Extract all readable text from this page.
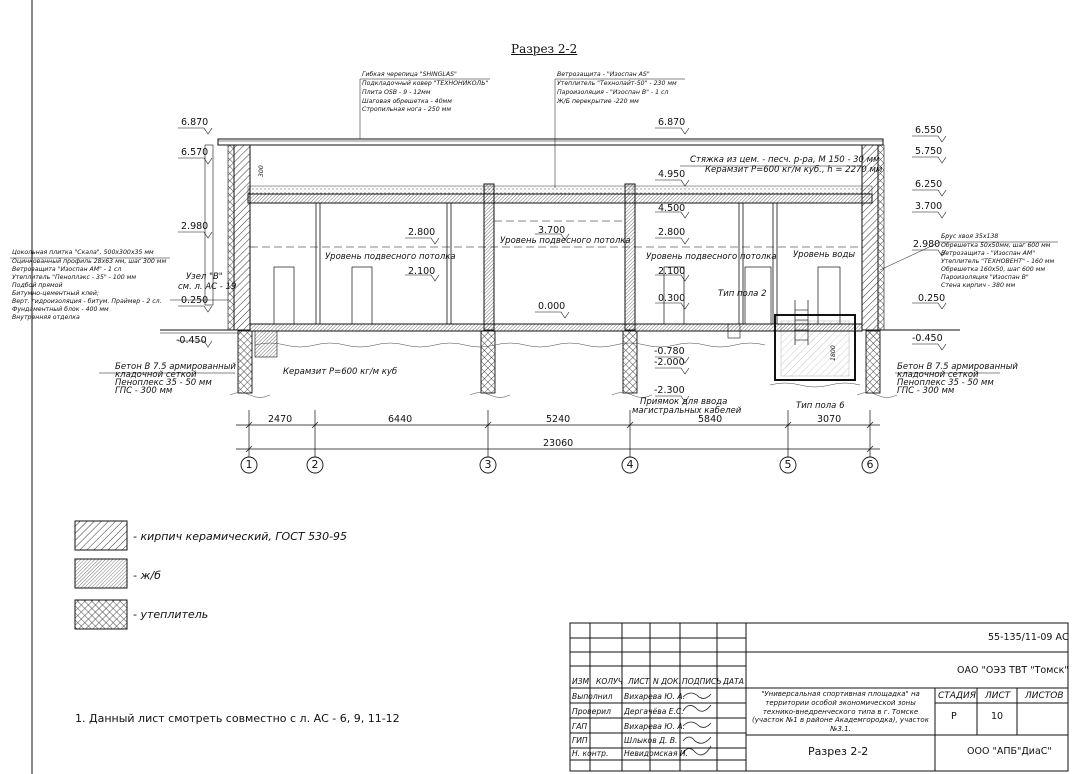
Разрез 2-2
Гибкая черепица "SHINGLAS"
Подкладочный ковер "ТЕХНОНИКОЛЬ"
Плита OSB - 9 - 12мм
Шаговая обрешетка - 40мм
Стропильная нога - 250 мм
Ветрозащита - "Изоспан AS"
Утеплитель "Технолайт-50" - 230 мм
Пароизоляция - "Изоспан В" - 1 сл
Ж/Б перекрытие -220 мм
Цокольная плитка "Скала", 500х300х35 мм
Оцинкованный профиль 28х63 мм, шаг 300 мм
Ветрозащита "Изоспан АМ" - 1 сл
Утеплитель "Пеноплэкс - 35" - 100 мм
Подбой прямой
Битумно-цементный клей;
Верт. гидроизоляция - битум. Праймер - 2 сл.
Фундаментный блок - 400 мм
Внутренняя отделка
Брус хвоя 35х138
Обрешетка 50х50мм, шаг 600 мм
Ветрозащита - "Изоспан АМ"
Утеплитель "ТЕХНОВЕНТ" - 160 мм
Обрешетка 160х50, шаг 600 мм
Пароизоляция "Изоспан В"
Стена кирпич - 380 мм
Стяжка из цем. - песч. р-ра, М 150 - 30 мм
Керамзит Р=600 кг/м куб., h = 2270 мм
Узел "В"
см. л. АС - 19
Бетон В 7.5 армированный
кладочной сеткой
Пеноплекс 35 - 50 мм
ГПС - 300 мм
Бетон В 7.5 армированный
кладочной сеткой
Пеноплекс 35 - 50 мм
ГПС - 300 мм
Керамзит Р=600 кг/м куб
Уровень подвесного потолка
Уровень подвесного потолка
Уровень подвесного потолка Уровень воды
Тип пола 2
Тип пола 6
Приямок для ввода
магистральных кабелей
6.870
6.570
2.980
0.250
-0.450
6.870
4.950
4.500
3.700
2.800
2.100
0.000
2.800
2.100
0.300
-0.780
-2.000
-2.300
6.550
5.750
6.250
3.700
2.980
0.250
-0.450
300
1800
2470	6440	5240	5840	3070
23060
1	2	3	4	5	6
- кирпич керамический, ГОСТ 530-95
- ж/б
- утеплитель
1. Данный лист смотреть совместно с л. АС - 6, 9, 11-12
55-135/11-09 АС
ОАО "ОЭЗ ТВТ "Томск"
ИЗМ. КОЛУЧ ЛИСТ N ДОК. ПОДПИСЬ ДАТА
Выполнил Вихарева Ю. А.
Проверил Дергачёва Е.С.
ГАП	Вихарева Ю. А.
ГИП	Шлыков Д. В.
Н. контр. Невидомская И.
"Универсальная спортивная площадка" на территории особой экономической зоны технико-внедренческого типа в г. Томске (участок №1 в районе Академгородка), участок №3.1.
СТАДИЯ ЛИСТ ЛИСТОВ
Р	10
Разрез 2-2	ООО "АПБ"ДиаС"
